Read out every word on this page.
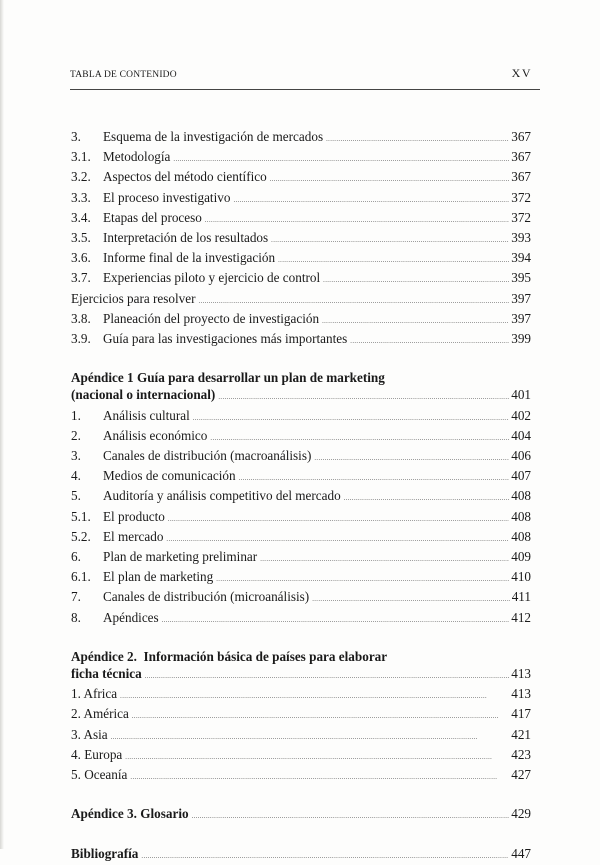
TABLA DE CONTENIDO	XV
3.	Esquema de la investigación de mercados . . .	367
3.1. Metodología . . .	367
3.2. Aspectos del método científico . . .	367
3.3. El proceso investigativo . . .	372
3.4. Etapas del proceso . . .	372
3.5. Interpretación de los resultados . . .	393
3.6. Informe final de la investigación . . .	394
3.7. Experiencias piloto y ejercicio de control . . .	395
Ejercicios para resolver . . .	397
3.8. Planeación del proyecto de investigación . . .	397
3.9. Guía para las investigaciones más importantes . . .	399
Apéndice 1 Guía para desarrollar un plan de marketing
(nacional o internacional) . . .	401
1.	Análisis cultural . . .	402
2.	Análisis económico . . .	404
3.	Canales de distribución (macroanálisis) . . .	406
4.	Medios de comunicación . . .	407
5.	Auditoría y análisis competitivo del mercado . . .	408
5.1. El producto . . .	408
5.2. El mercado . . .	408
6.	Plan de marketing preliminar . . .	409
6.1. El plan de marketing . . .	410
7.	Canales de distribución (microanálisis) . . .	411
8.	Apéndices . . .	412
Apéndice 2.  Información básica de países para elaborar
ficha técnica . . .	413
1. Africa . . .	413
2. América . . .	417
3. Asia . . .	421
4. Europa . . .	423
5. Oceanía . . .	427
Apéndice 3. Glosario . . .	429
Bibliografía . . .	447
